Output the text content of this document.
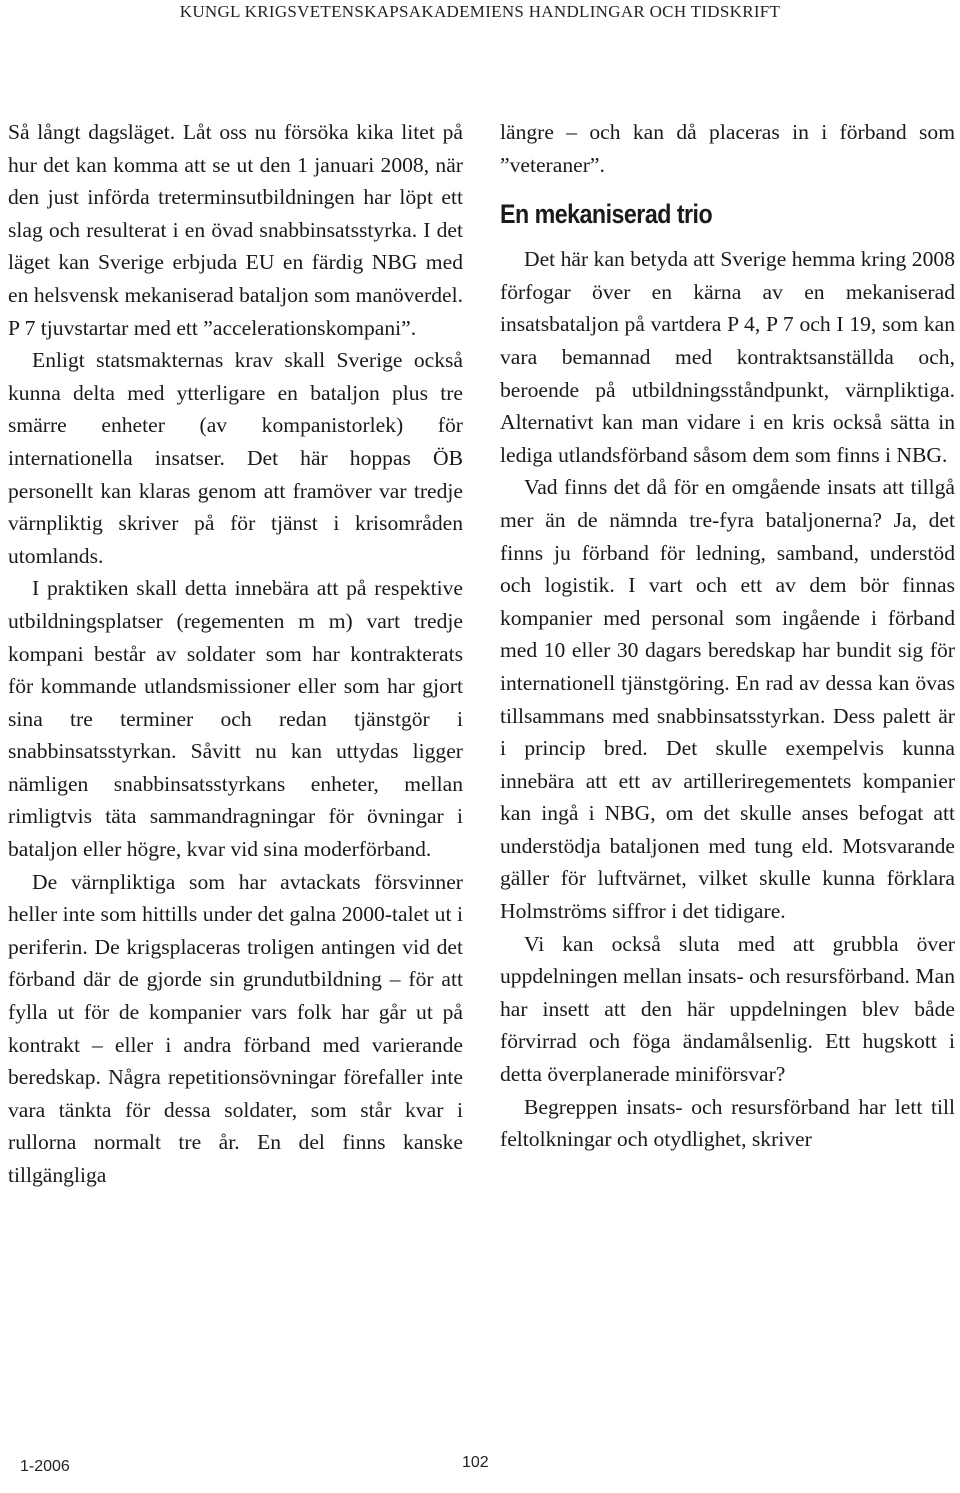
KUNGL KRIGSVETENSKAPSAKADEMIENS HANDLINGAR OCH TIDSKRIFT

Så långt dagsläget. Låt oss nu försöka kika litet på hur det kan komma att se ut den 1 januari 2008, när den just införda treterminsutbildningen har löpt ett slag och resulterat i en övad snabbinsatsstyrka. I det läget kan Sverige erbjuda EU en färdig NBG med en helsvensk mekaniserad bataljon som manöverdel. P 7 tjuvstartar med ett ”accelerationskompani”.

Enligt statsmakternas krav skall Sverige också kunna delta med ytterligare en bataljon plus tre smärre enheter (av kompanistorlek) för internationella insatser. Det här hoppas ÖB personellt kan klaras genom att framöver var tredje värnpliktig skriver på för tjänst i krisområden utomlands.

I praktiken skall detta innebära att på respektive utbildningsplatser (regementen m m) vart tredje kompani består av soldater som har kontrakterats för kommande utlandsmissioner eller som har gjort sina tre terminer och redan tjänstgör i snabbinsatsstyrkan. Såvitt nu kan uttydas ligger nämligen snabbinsatsstyrkans enheter, mellan rimligtvis täta sammandragningar för övningar i bataljon eller högre, kvar vid sina moderförband.

De värnpliktiga som har avtackats försvinner heller inte som hittills under det galna 2000-talet ut i periferin. De krigsplaceras troligen antingen vid det förband där de gjorde sin grundutbildning – för att fylla ut för de kompanier vars folk har går ut på kontrakt – eller i andra förband med varierande beredskap. Några repetitionsövningar förefaller inte vara tänkta för dessa soldater, som står kvar i rullorna normalt tre år. En del finns kanske tillgängliga

längre – och kan då placeras in i förband som ”veteraner”.

En mekaniserad trio

Det här kan betyda att Sverige hemma kring 2008 förfogar över en kärna av en mekaniserad insatsbataljon på vartdera P 4, P 7 och I 19, som kan vara bemannad med kontraktsanställda och, beroende på utbildningsståndpunkt, värnpliktiga. Alternativt kan man vidare i en kris också sätta in lediga utlandsförband såsom dem som finns i NBG.

Vad finns det då för en omgående insats att tillgå mer än de nämnda tre-fyra bataljonerna? Ja, det finns ju förband för ledning, samband, understöd och logistik. I vart och ett av dem bör finnas kompanier med personal som ingående i förband med 10 eller 30 dagars beredskap har bundit sig för internationell tjänstgöring. En rad av dessa kan övas tillsammans med snabbinsatsstyrkan. Dess palett är i princip bred. Det skulle exempelvis kunna innebära att ett av artilleriregementets kompanier kan ingå i NBG, om det skulle anses befogat att understödja bataljonen med tung eld. Motsvarande gäller för luftvärnet, vilket skulle kunna förklara Holmströms siffror i det tidigare.

Vi kan också sluta med att grubbla över uppdelningen mellan insats- och resursförband. Man har insett att den här uppdelningen blev både förvirrad och föga ändamålsenlig. Ett hugskott i detta överplanerade miniförsvar?

Begreppen insats- och resursförband har lett till feltolkningar och otydlighet, skriver

1-2006	102
